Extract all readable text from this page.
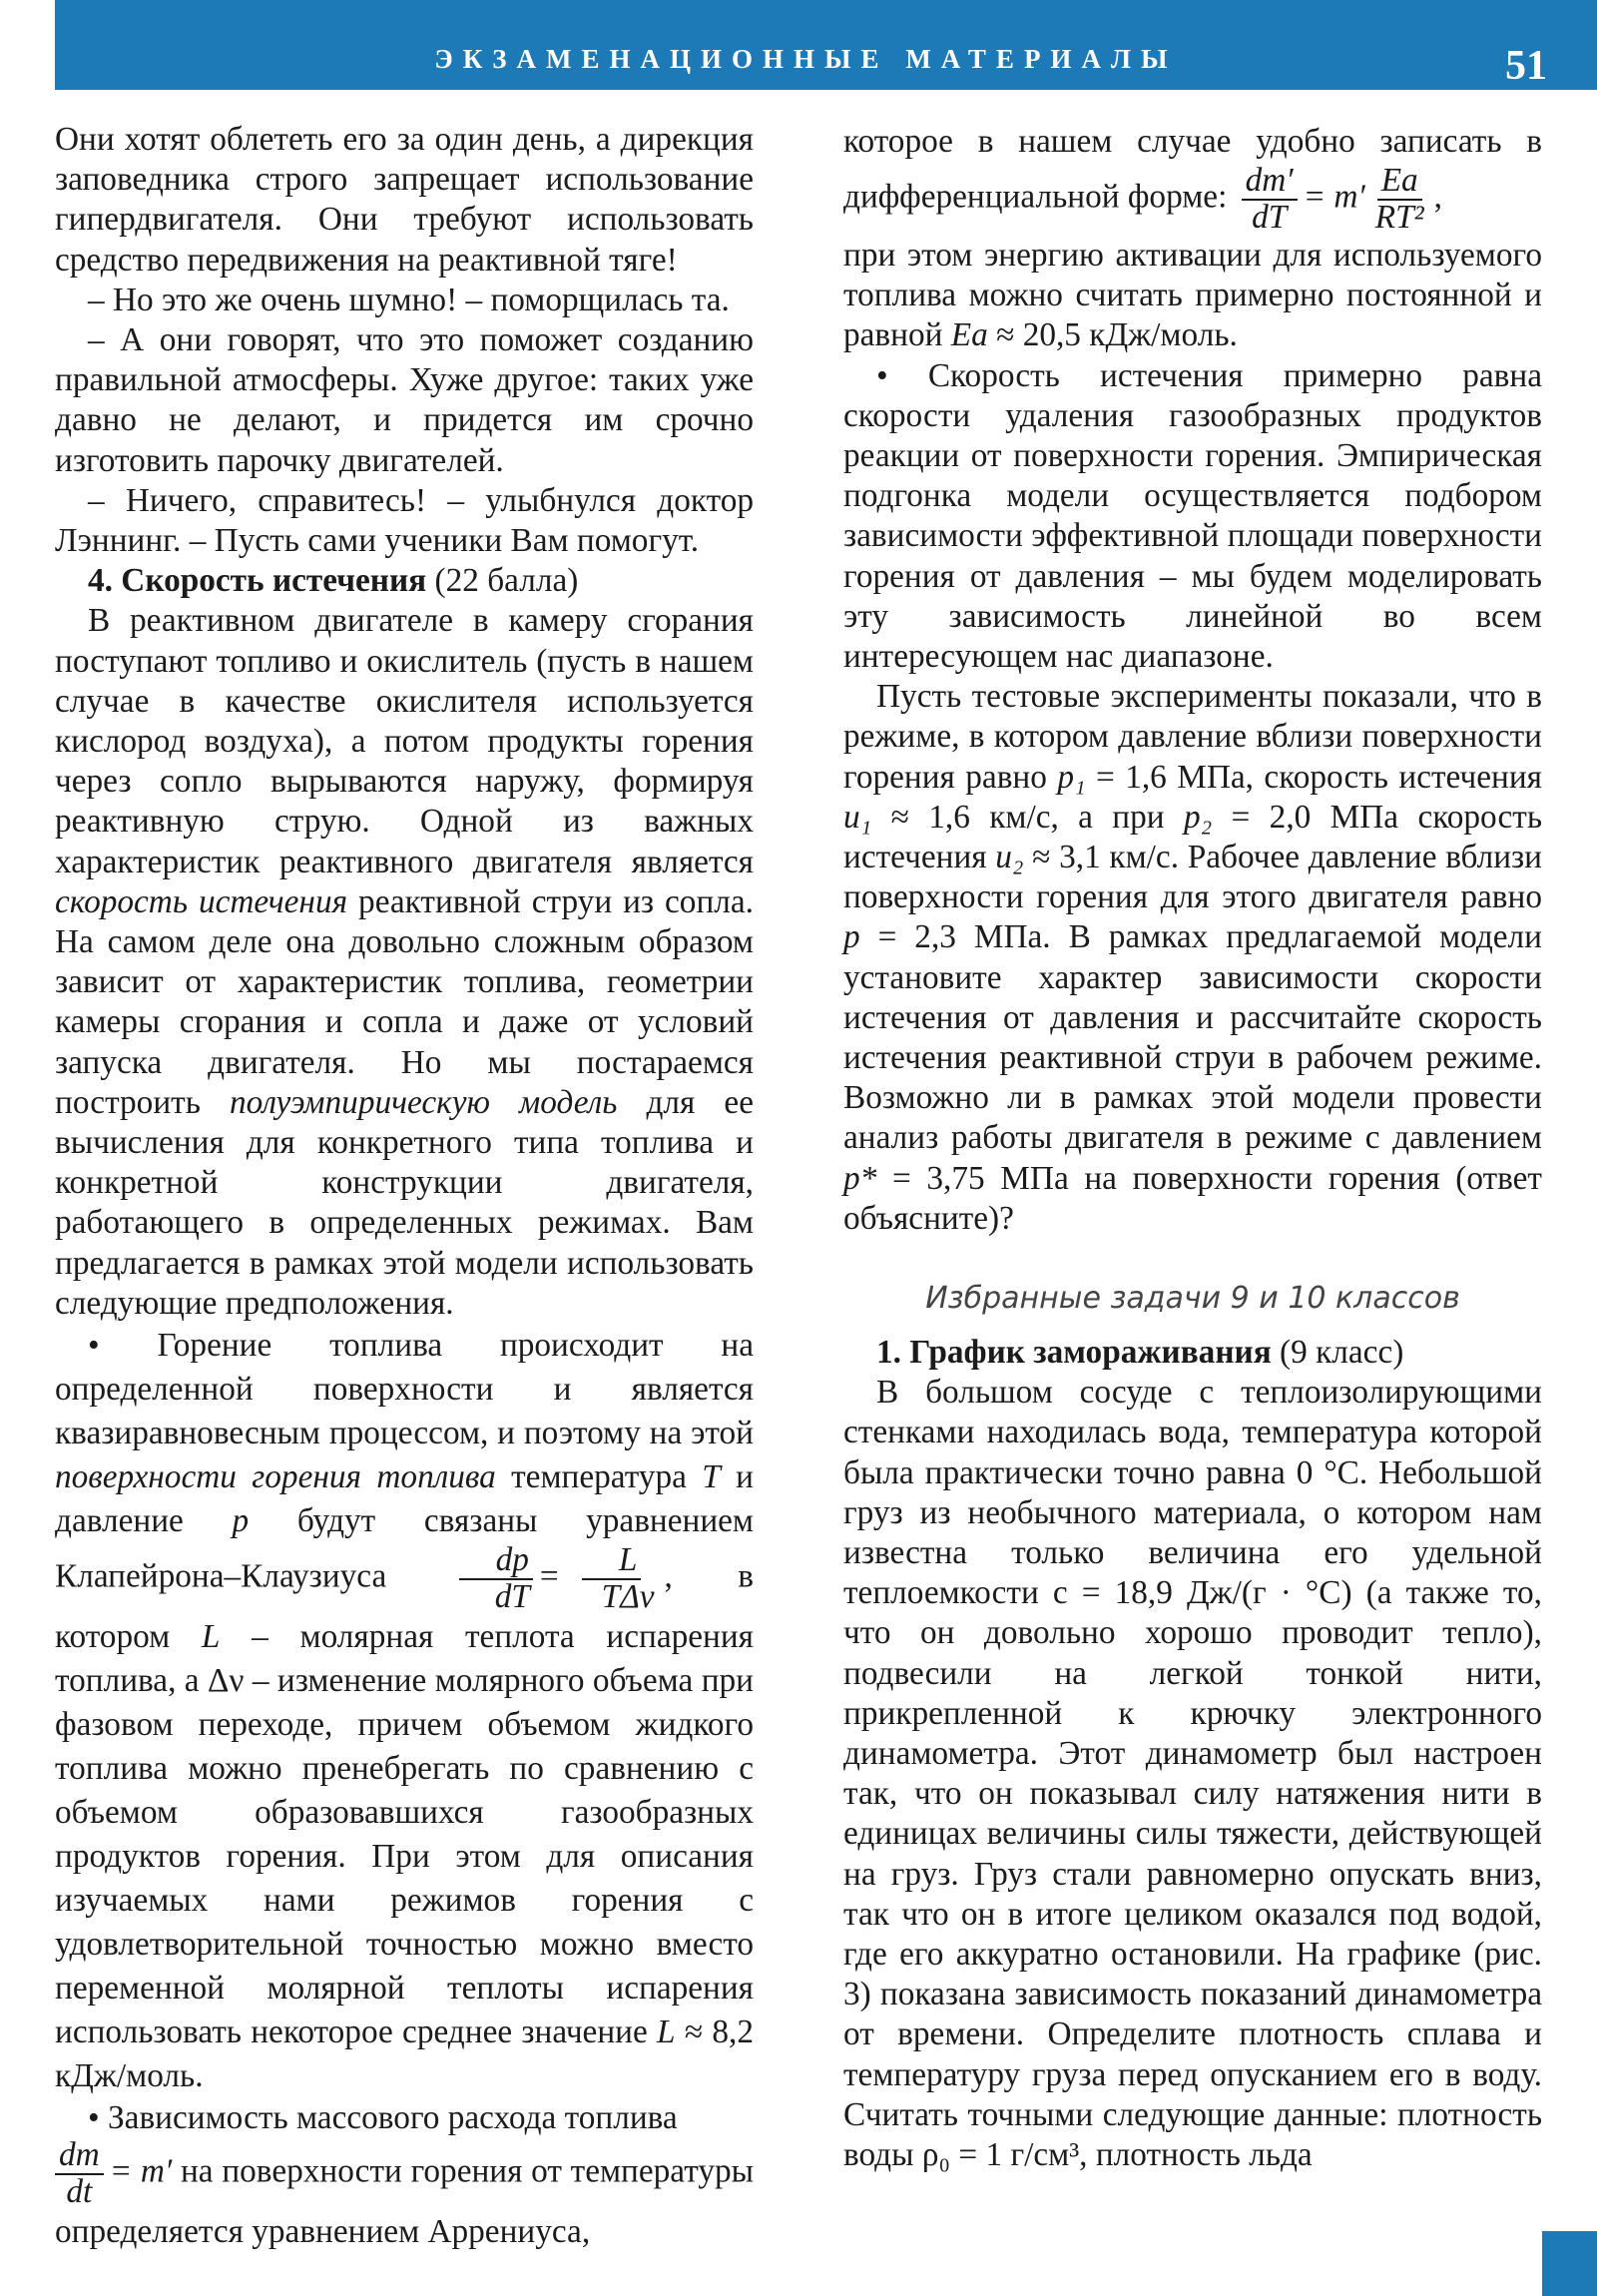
ЭКЗАМЕНАЦИОННЫЕ МАТЕРИАЛЫ	51

Они хотят облететь его за один день, а дирекция заповедника строго запрещает использование гипердвигателя. Они требуют использовать средство передвижения на реактивной тяге!

– Но это же очень шумно! – поморщилась та.

– А они говорят, что это поможет созданию правильной атмосферы. Хуже другое: таких уже давно не делают, и придется им срочно изготовить парочку двигателей.

– Ничего, справитесь! – улыбнулся доктор Лэннинг. – Пусть сами ученики Вам помогут.

4. Скорость истечения (22 балла)

В реактивном двигателе в камеру сгорания поступают топливо и окислитель (пусть в нашем случае в качестве окислителя используется кислород воздуха), а потом продукты горения через сопло вырываются наружу, формируя реактивную струю. Одной из важных характеристик реактивного двигателя является скорость истечения реактивной струи из сопла. На самом деле она довольно сложным образом зависит от характеристик топлива, геометрии камеры сгорания и сопла и даже от условий запуска двигателя. Но мы постараемся построить полуэмпирическую модель для ее вычисления для конкретного типа топлива и конкретной конструкции двигателя, работающего в определенных режимах. Вам предлагается в рамках этой модели использовать следующие предположения.

• Горение топлива происходит на определенной поверхности и является квазиравновесным процессом, и поэтому на этой поверхности горения топлива температура T и давление p будут связаны уравнением Клапейрона–Клаузиуса $\frac{dp}{dT} = \frac{L}{\text{TΔν}}$ , в котором L – молярная теплота испарения топлива, а Δν – изменение молярного объема при фазовом переходе, причем объемом жидкого топлива можно пренебрегать по сравнению с объемом образовавшихся газообразных продуктов горения. При этом для описания изучаемых нами режимов горения с удовлетворительной точностью можно вместо переменной молярной теплоты испарения использовать некоторое среднее значение L ≈ 8,2 кДж/моль.

• Зависимость массового расхода топлива

$\frac{dm}{dt} = m'$ на поверхности горения от температуры определяется уравнением Аррениуса,

которое в нашем случае удобно записать в дифференциальной форме: $\frac{dm'}{dT} = m' \frac{Eа}{\text{RT²}}$ ,

при этом энергию активации для используемого топлива можно считать примерно постоянной и равной Eа ≈ 20,5 кДж/моль.

• Скорость истечения примерно равна скорости удаления газообразных продуктов реакции от поверхности горения. Эмпирическая подгонка модели осуществляется подбором зависимости эффективной площади поверхности горения от давления – мы будем моделировать эту зависимость линейной во всем интересующем нас диапазоне.

Пусть тестовые эксперименты показали, что в режиме, в котором давление вблизи поверхности горения равно p₁ = 1,6 МПа, скорость истечения u₁ ≈ 1,6 км/с, а при p₂ = 2,0 МПа скорость истечения u₂ ≈ 3,1 км/с. Рабочее давление вблизи поверхности горения для этого двигателя равно p = 2,3 МПа. В рамках предлагаемой модели установите характер зависимости скорости истечения от давления и рассчитайте скорость истечения реактивной струи в рабочем режиме. Возможно ли в рамках этой модели провести анализ работы двигателя в режиме с давлением p* = 3,75 МПа на поверхности горения (ответ объясните)?

Избранные задачи 9 и 10 классов

1. График замораживания (9 класс)

В большом сосуде с теплоизолирующими стенками находилась вода, температура которой была практически точно равна 0 °С. Небольшой груз из необычного материала, о котором нам известна только величина его удельной теплоемкости с = 18,9 Дж/(г · °С) (а также то, что он довольно хорошо проводит тепло), подвесили на легкой тонкой нити, прикрепленной к крючку электронного динамометра. Этот динамометр был настроен так, что он показывал силу натяжения нити в единицах величины силы тяжести, действующей на груз. Груз стали равномерно опускать вниз, так что он в итоге целиком оказался под водой, где его аккуратно остановили. На графике (рис. 3) показана зависимость показаний динамометра от времени. Определите плотность сплава и температуру груза перед опусканием его в воду. Считать точными следующие данные: плотность воды ρ₀ = 1 г/см³, плотность льда
